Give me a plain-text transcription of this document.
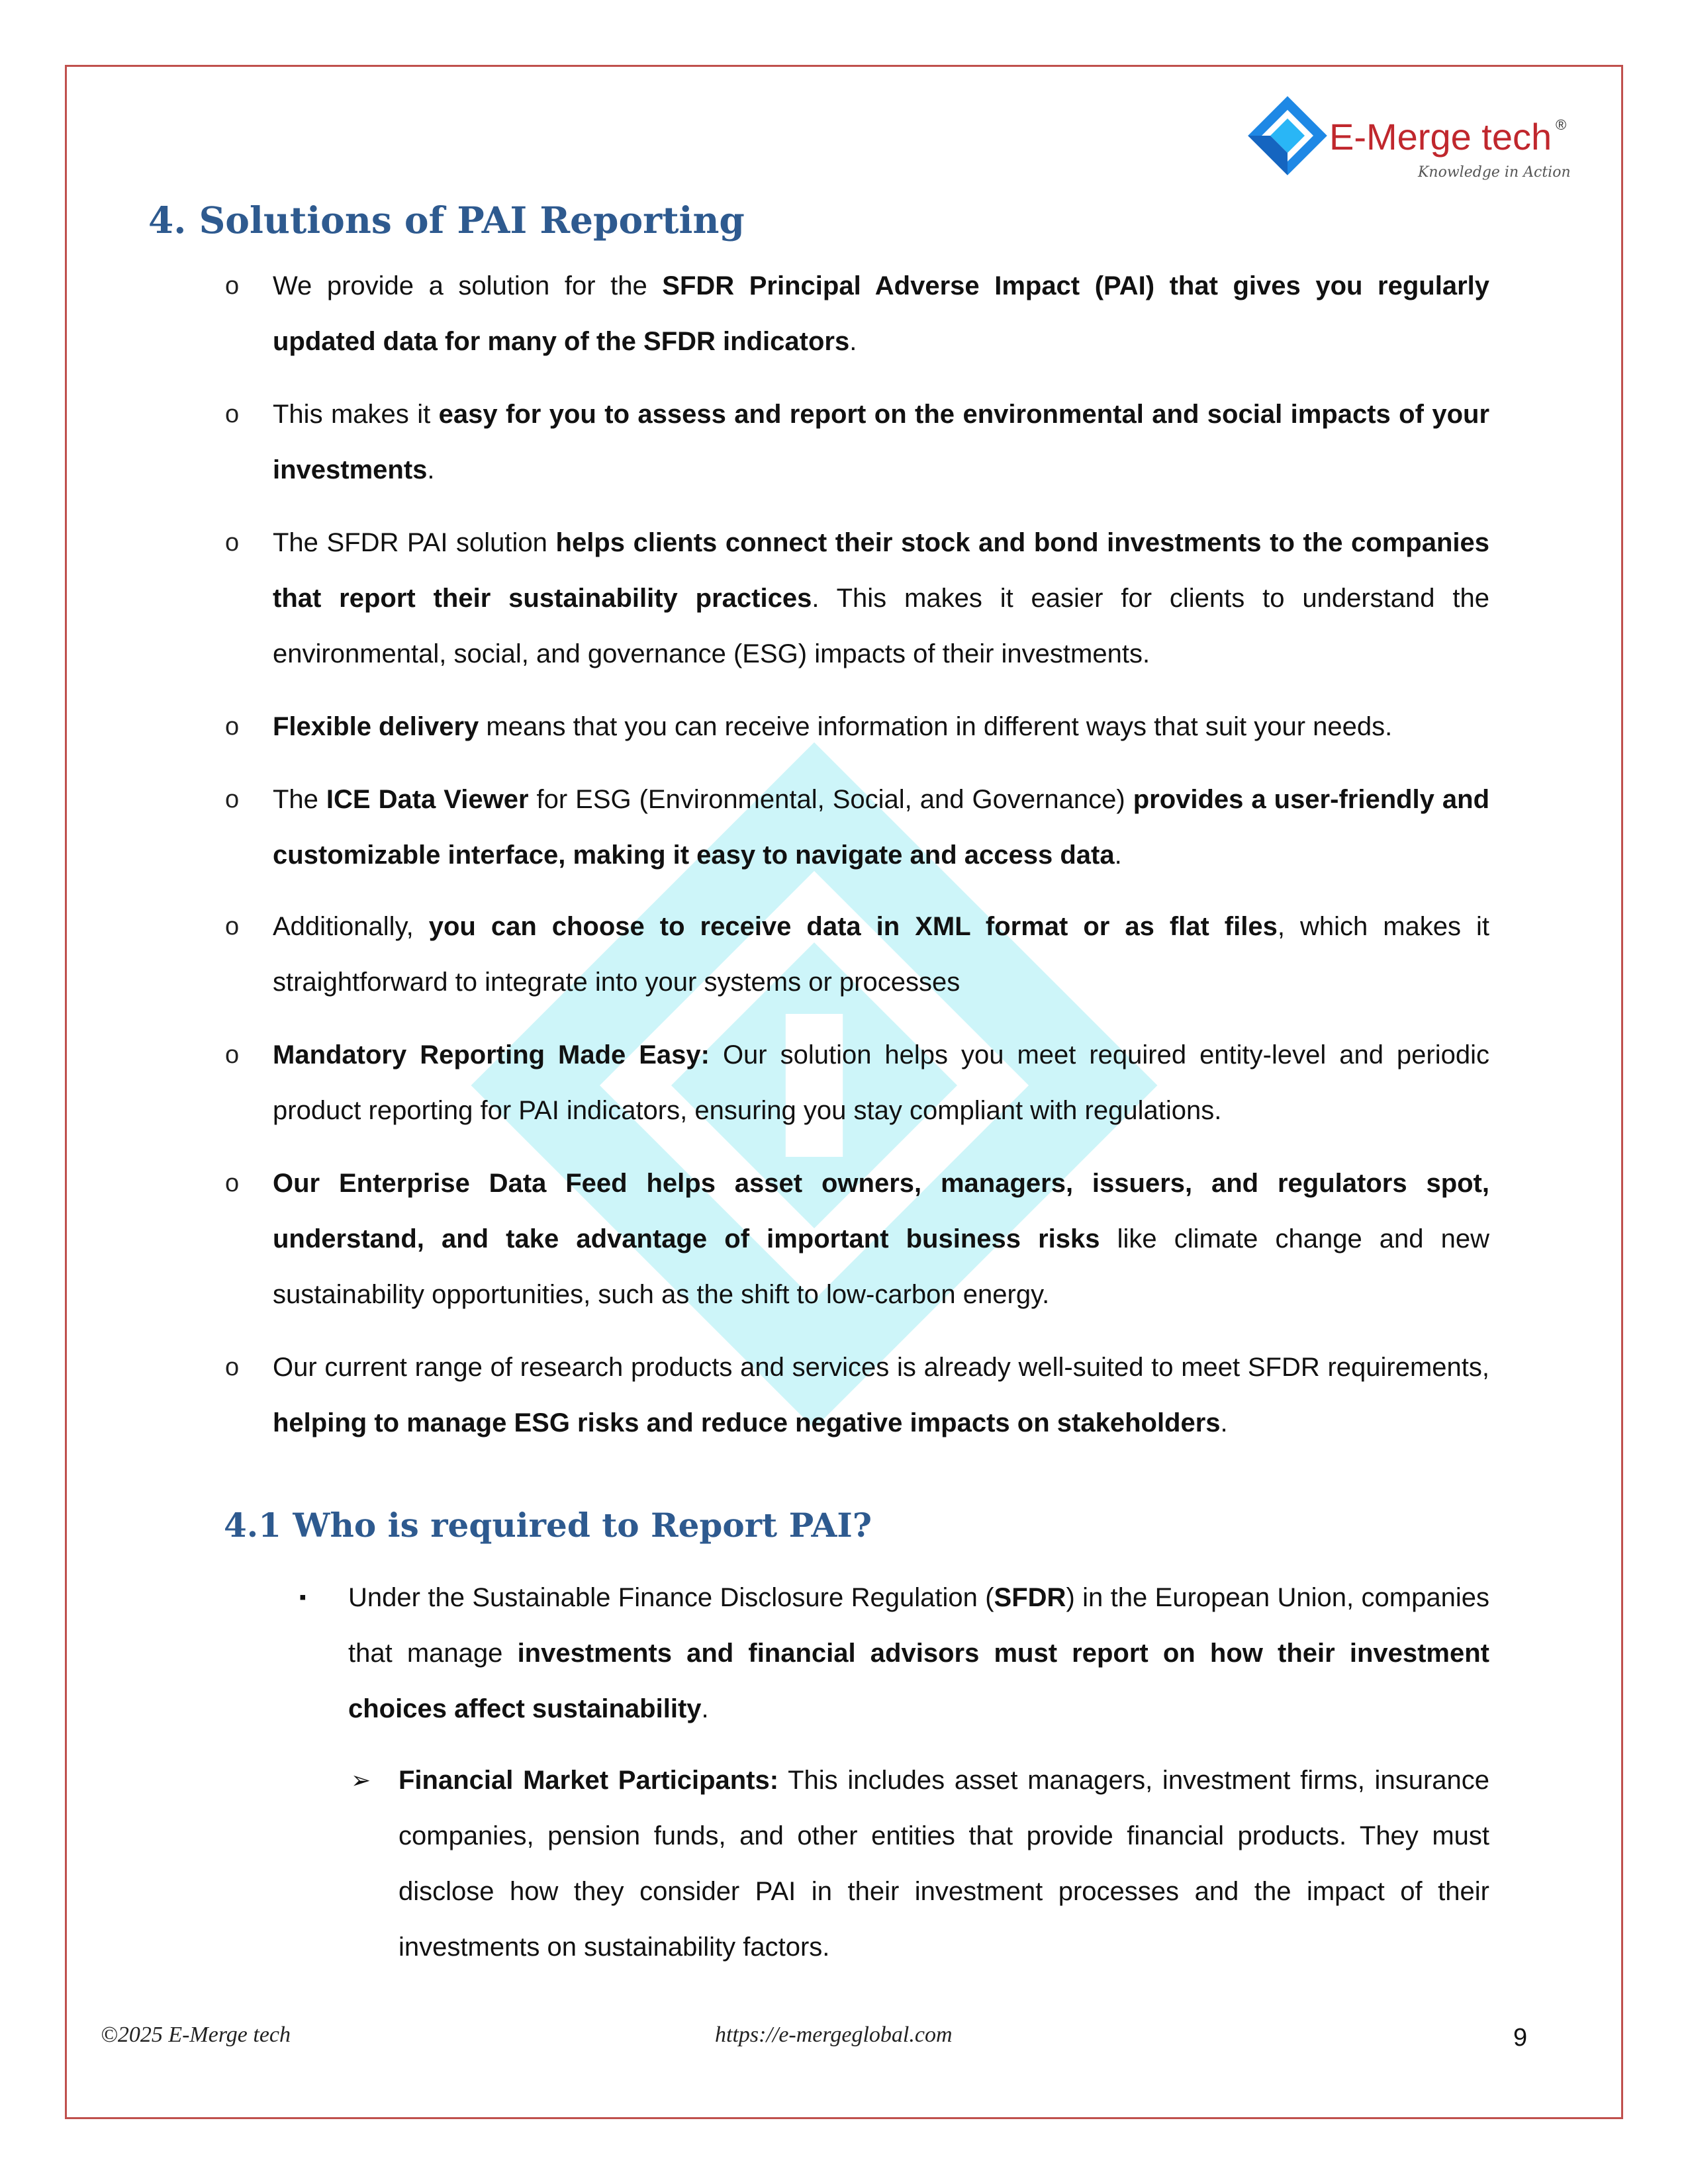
E-Merge tech ®
Knowledge in Action
4. Solutions of PAI Reporting
o We provide a solution for the SFDR Principal Adverse Impact (PAI) that gives you regularly updated data for many of the SFDR indicators.
o This makes it easy for you to assess and report on the environmental and social impacts of your investments.
o The SFDR PAI solution helps clients connect their stock and bond investments to the companies that report their sustainability practices. This makes it easier for clients to understand the environmental, social, and governance (ESG) impacts of their investments.
o Flexible delivery means that you can receive information in different ways that suit your needs.
o The ICE Data Viewer for ESG (Environmental, Social, and Governance) provides a user-friendly and customizable interface, making it easy to navigate and access data.
o Additionally, you can choose to receive data in XML format or as flat files, which makes it straightforward to integrate into your systems or processes
o Mandatory Reporting Made Easy: Our solution helps you meet required entity-level and periodic product reporting for PAI indicators, ensuring you stay compliant with regulations.
o Our Enterprise Data Feed helps asset owners, managers, issuers, and regulators spot, understand, and take advantage of important business risks like climate change and new sustainability opportunities, such as the shift to low-carbon energy.
o Our current range of research products and services is already well-suited to meet SFDR requirements, helping to manage ESG risks and reduce negative impacts on stakeholders.
4.1 Who is required to Report PAI?
▪ Under the Sustainable Finance Disclosure Regulation (SFDR) in the European Union, companies that manage investments and financial advisors must report on how their investment choices affect sustainability.
➢ Financial Market Participants: This includes asset managers, investment firms, insurance companies, pension funds, and other entities that provide financial products. They must disclose how they consider PAI in their investment processes and the impact of their investments on sustainability factors.
©2025 E-Merge tech	https://e-mergeglobal.com	9
